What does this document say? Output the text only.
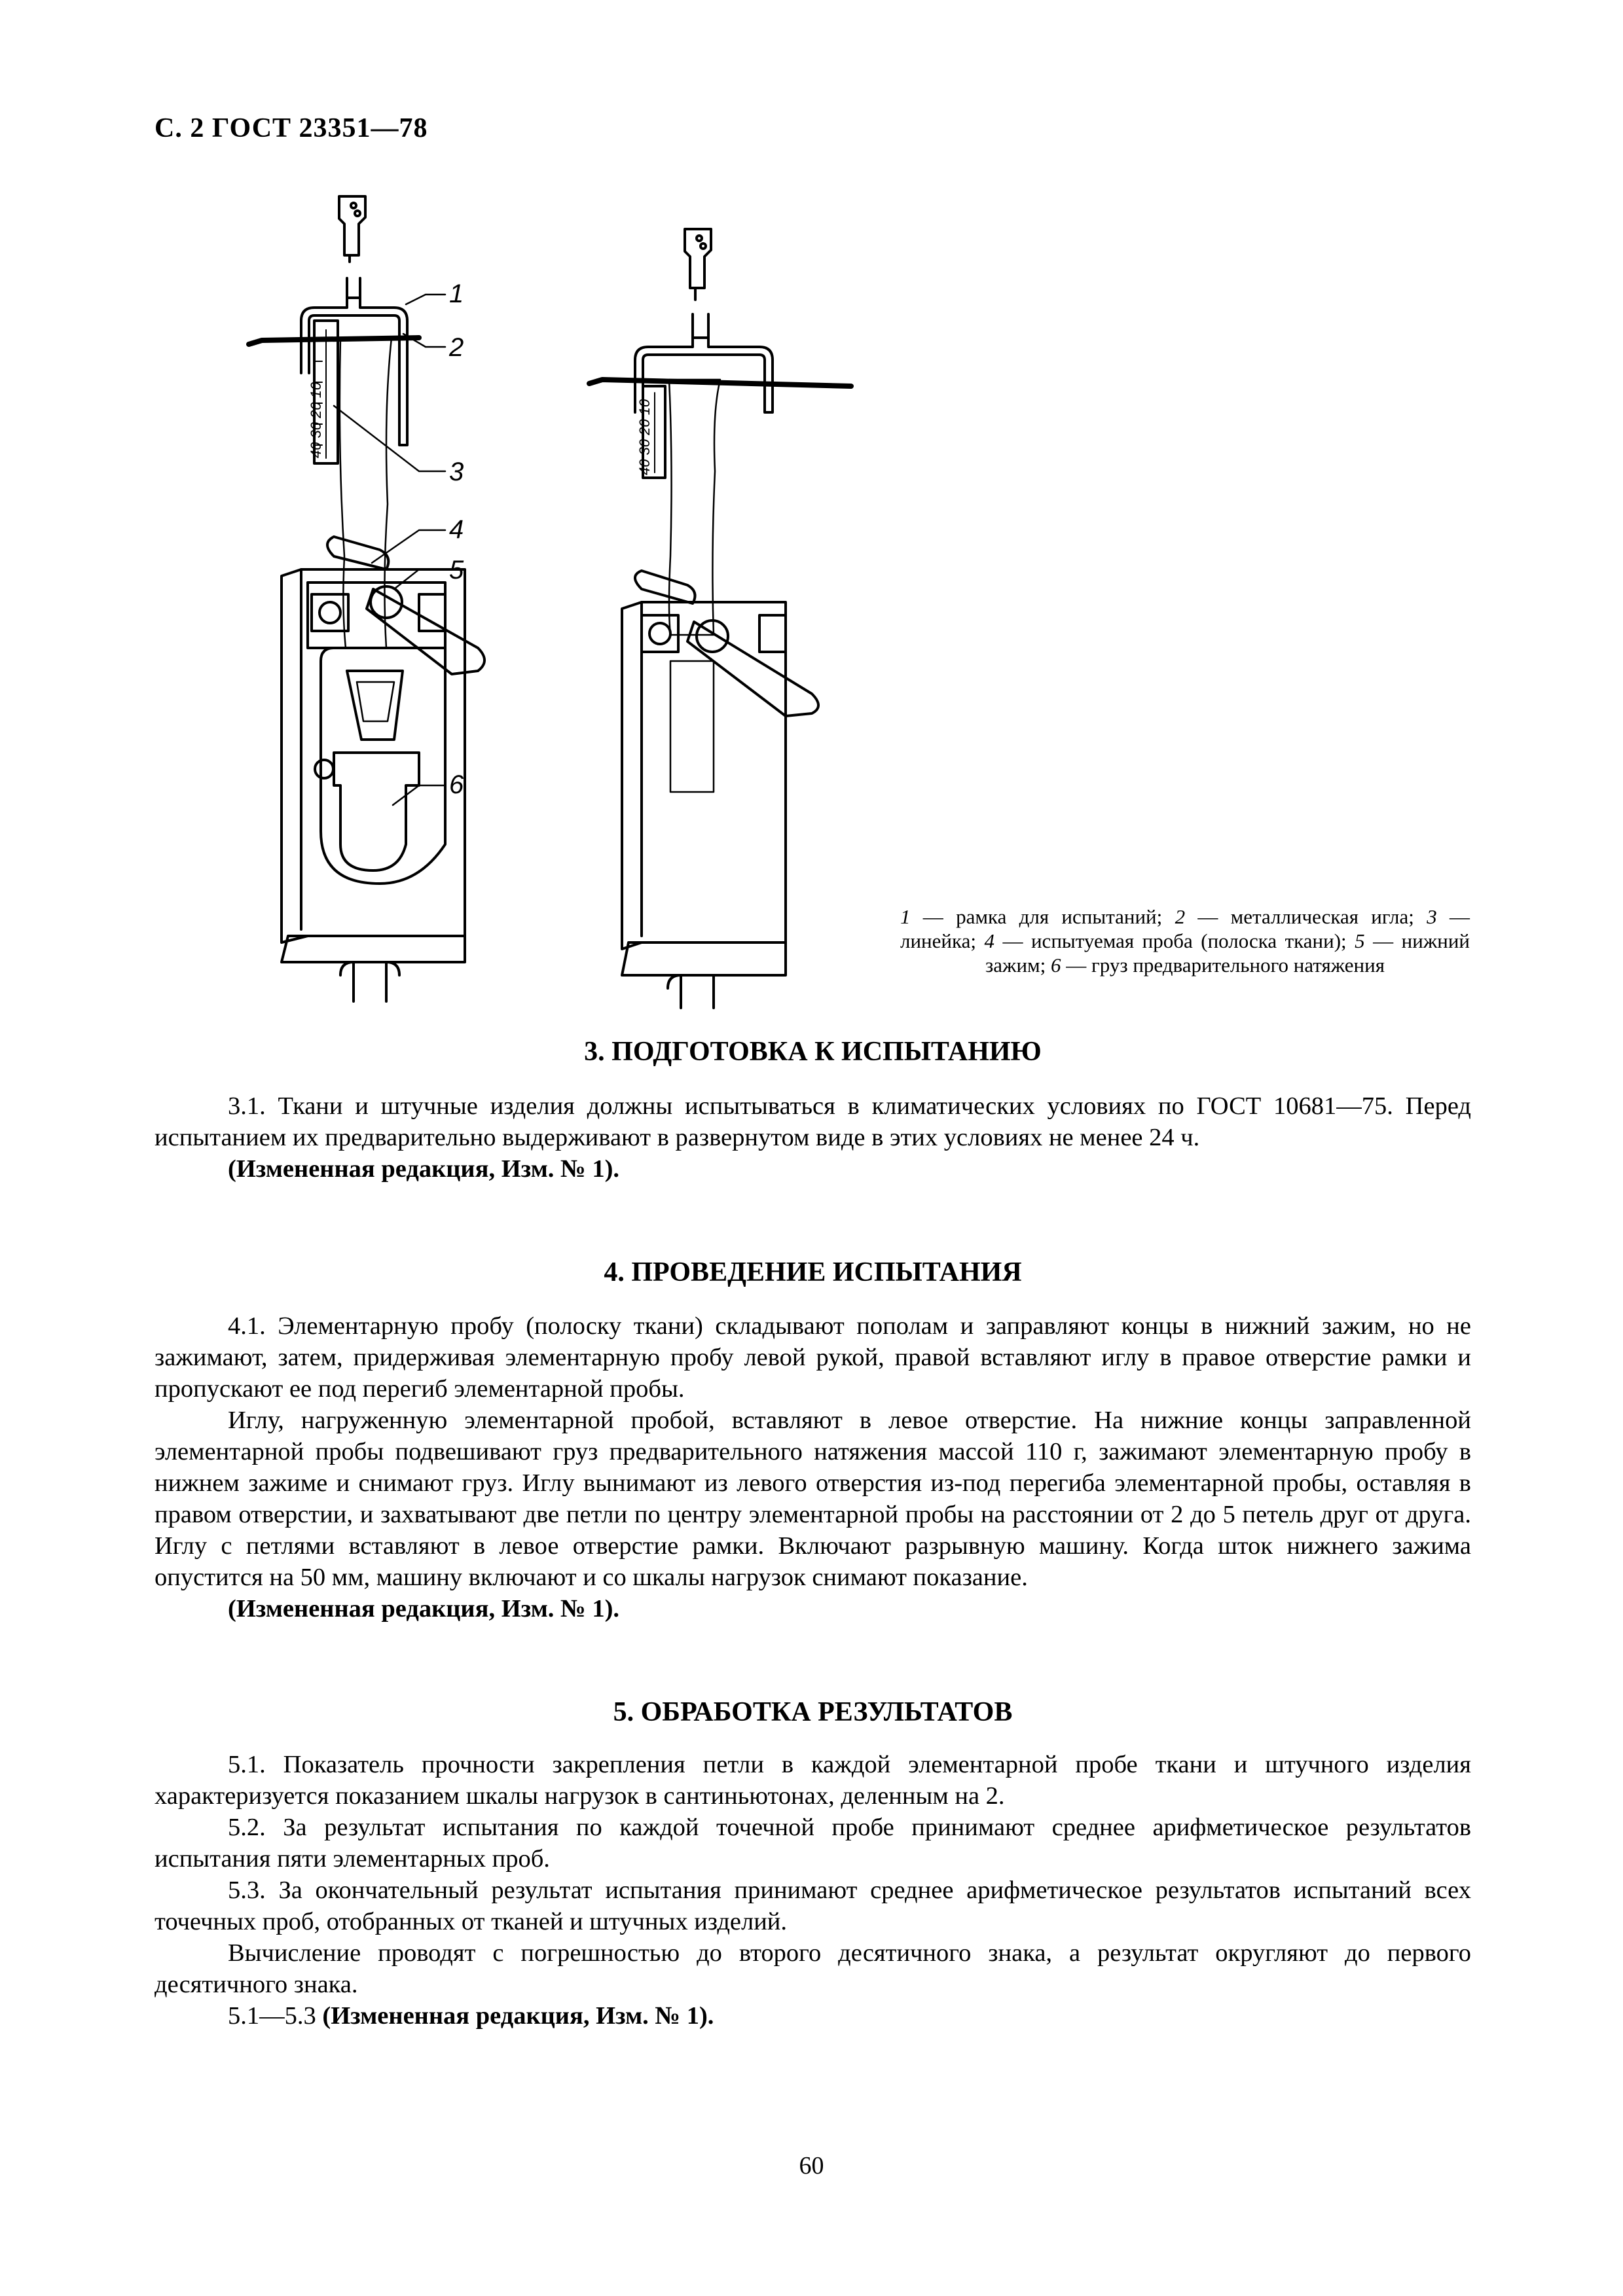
С. 2 ГОСТ 23351—78
1
2
3
4
5
6
40 30 20 10	40 30 20 10
1 — рамка для испытаний; 2 — металлическая игла; 3 — линейка; 4 — испытуемая проба (полоска ткани); 5 — нижний зажим; 6 — груз предварительного натяжения
3. ПОДГОТОВКА К ИСПЫТАНИЮ

3.1. Ткани и штучные изделия должны испытываться в климатических условиях по ГОСТ 10681—75. Перед испытанием их предварительно выдерживают в развернутом виде в этих условиях не менее 24 ч.

(Измененная редакция, Изм. № 1).

4. ПРОВЕДЕНИЕ ИСПЫТАНИЯ

4.1. Элементарную пробу (полоску ткани) складывают пополам и заправляют концы в нижний зажим, но не зажимают, затем, придерживая элементарную пробу левой рукой, правой вставляют иглу в правое отверстие рамки и пропускают ее под перегиб элементарной пробы.

Иглу, нагруженную элементарной пробой, вставляют в левое отверстие. На нижние концы заправленной элементарной пробы подвешивают груз предварительного натяжения массой 110 г, зажимают элементарную пробу в нижнем зажиме и снимают груз. Иглу вынимают из левого отверстия из-под перегиба элементарной пробы, оставляя в правом отверстии, и захватывают две петли по центру элементарной пробы на расстоянии от 2 до 5 петель друг от друга. Иглу с петлями вставляют в левое отверстие рамки. Включают разрывную машину. Когда шток нижнего зажима опустится на 50 мм, машину включают и со шкалы нагрузок снимают показание.

(Измененная редакция, Изм. № 1).

5. ОБРАБОТКА РЕЗУЛЬТАТОВ

5.1. Показатель прочности закрепления петли в каждой элементарной пробе ткани и штучного изделия характеризуется показанием шкалы нагрузок в сантиньютонах, деленным на 2.

5.2. За результат испытания по каждой точечной пробе принимают среднее арифметическое результатов испытания пяти элементарных проб.

5.3. За окончательный результат испытания принимают среднее арифметическое результатов испытаний всех точечных проб, отобранных от тканей и штучных изделий.

Вычисление проводят с погрешностью до второго десятичного знака, а результат округляют до первого десятичного знака.

5.1—5.3 (Измененная редакция, Изм. № 1).

60
